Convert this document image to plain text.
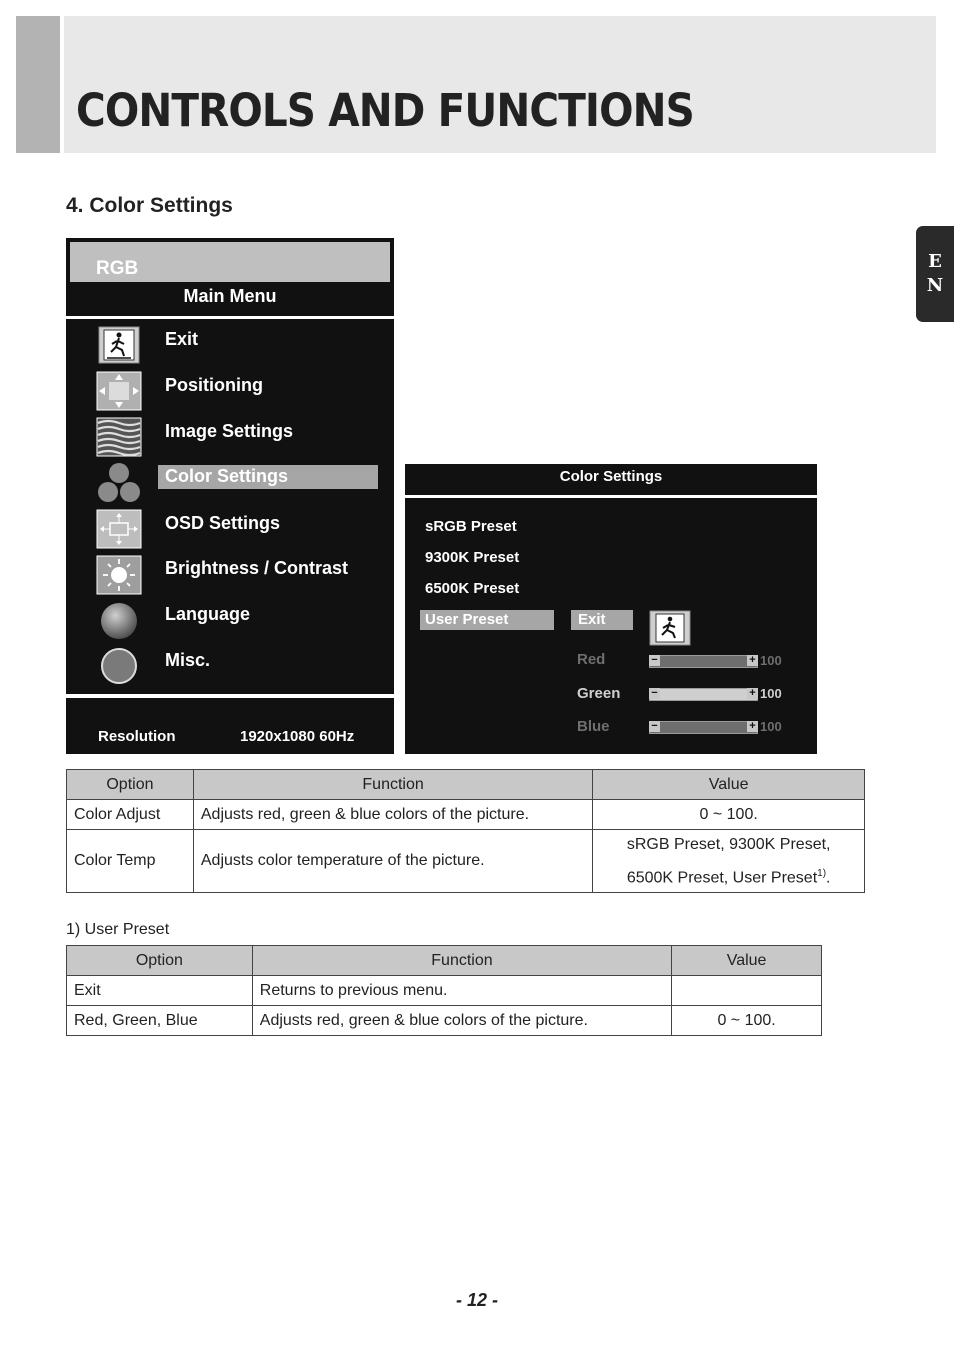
CONTROLS AND FUNCTIONS
E
N
4. Color Settings
RGB
Main Menu
Exit
Positioning
Image Settings
Color Settings
OSD Settings
Brightness / Contrast
Language
Misc.
Resolution	1920x1080 60Hz
Color Settings
sRGB Preset
9300K Preset
6500K Preset
User Preset	Exit
Red	−	+ 100
Green	−	+ 100
Blue	−	+ 100
Option	Function	Value
Color Adjust	Adjusts red, green & blue colors of the picture.	0 ~ 100.
Color Temp	Adjusts color temperature of the picture.	sRGB Preset, 9300K Preset,
6500K Preset, User Preset$^{1)}$.
1) User Preset
Option	Function	Value
Exit	Returns to previous menu.	
Red, Green, Blue	Adjusts red, green & blue colors of the picture.	0 ~ 100.
- 12 -
